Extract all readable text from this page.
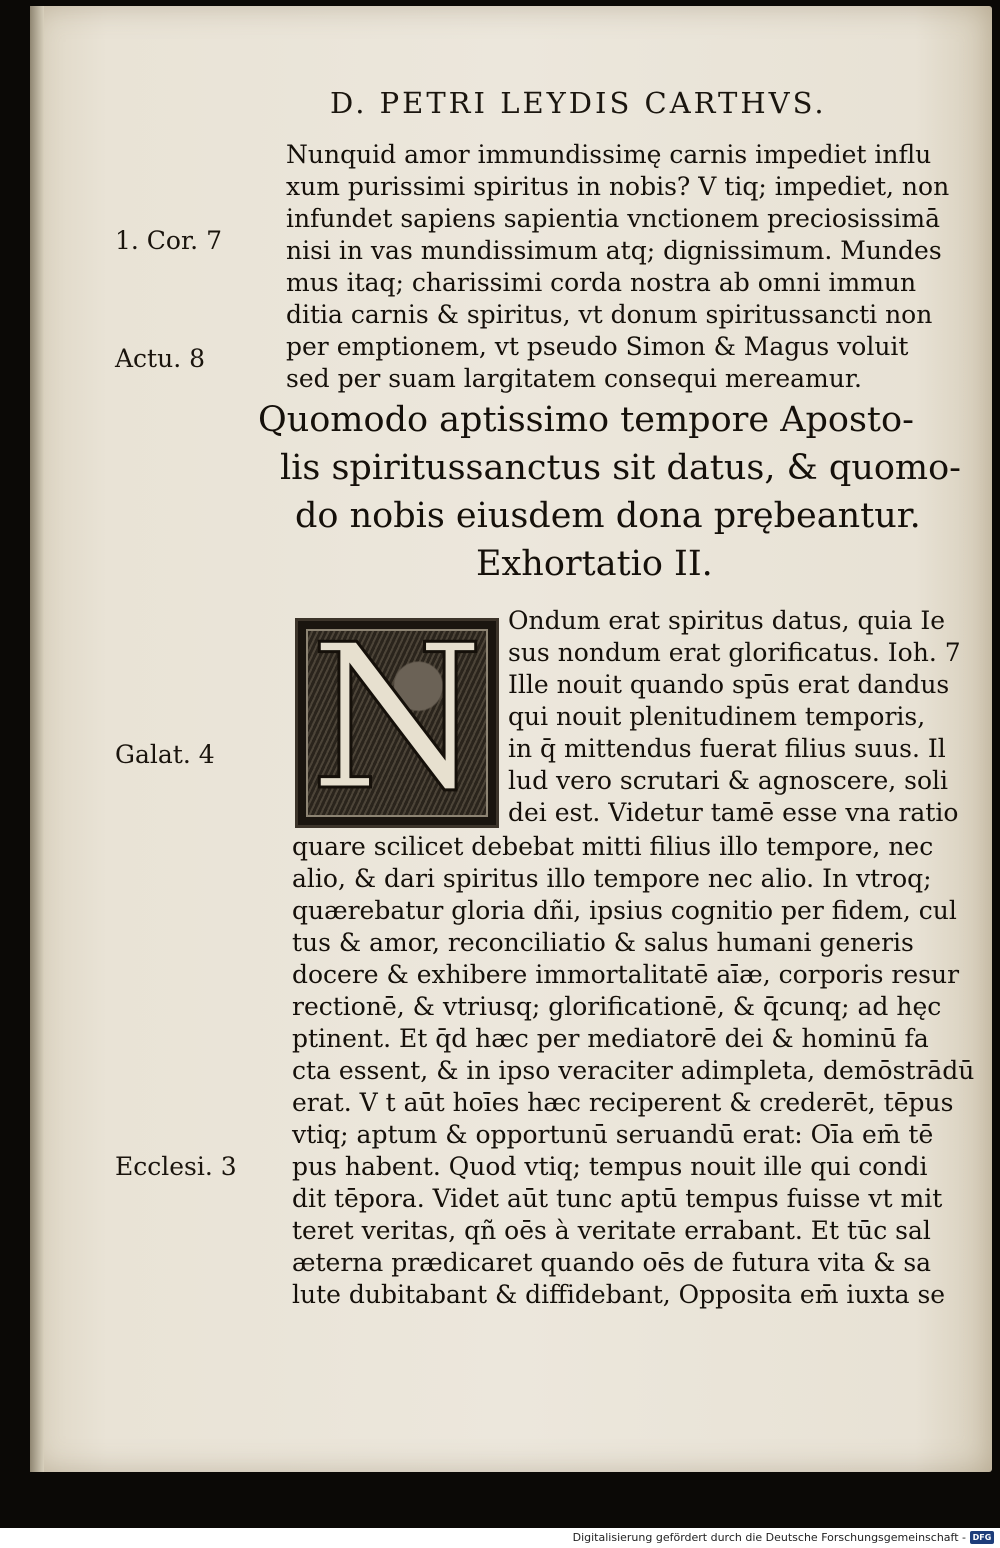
D. PETRI LEYDIS CARTHVS.
Nunquid amor immundissimę carnis impediet influ
xum purissimi spiritus in nobis? V tiq; impediet, non
infundet sapiens sapientia vnctionem preciosissimā
nisi in vas mundissimum atq; dignissimum. Mundes
mus itaq; charissimi corda nostra ab omni immun
ditia carnis & spiritus, vt donum spiritussancti non
per emptionem, vt pseudo Simon & Magus voluit
sed per suam largitatem consequi mereamur.
Quomodo aptissimo tempore Aposto-
lis spiritussanctus sit datus, & quomo-
do nobis eiusdem dona prębeantur.
Exhortatio II.
N Ondum erat spiritus datus, quia Ie
sus nondum erat glorificatus. Ioh. 7
Ille nouit quando spūs erat dandus
qui nouit plenitudinem temporis,
in q̄ mittendus fuerat filius suus. Il
lud vero scrutari & agnoscere, soli
dei est. Videtur tamē esse vna ratio
quare scilicet debebat mitti filius illo tempore, nec
alio, & dari spiritus illo tempore nec alio. In vtroq;
quærebatur gloria dñi, ipsius cognitio per fidem, cul
tus & amor, reconciliatio & salus humani generis
docere & exhibere immortalitatē aīæ, corporis resur
rectionē, & vtriusq; glorificationē, & q̄cunq; ad hęc
ptinent. Et q̄d hæc per mediatorē dei & hominū fa
cta essent, & in ipso veraciter adimpleta, demōstrādū
erat. V t aūt hoīes hæc reciperent & crederēt, tēpus
vtiq; aptum & opportunū seruandū erat: Oīa em̄ tē
pus habent. Quod vtiq; tempus nouit ille qui condi
dit tēpora. Videt aūt tunc aptū tempus fuisse vt mit
teret veritas, qñ oēs à veritate errabant. Et tūc sal
æterna prædicaret quando oēs de futura vita & sa
lute dubitabant & diffidebant, Opposita em̄ iuxta se
1. Cor. 7
Actu. 8
Galat. 4
Ecclesi. 3
Digitalisierung gefördert durch die Deutsche Forschungsgemeinschaft - DFG
